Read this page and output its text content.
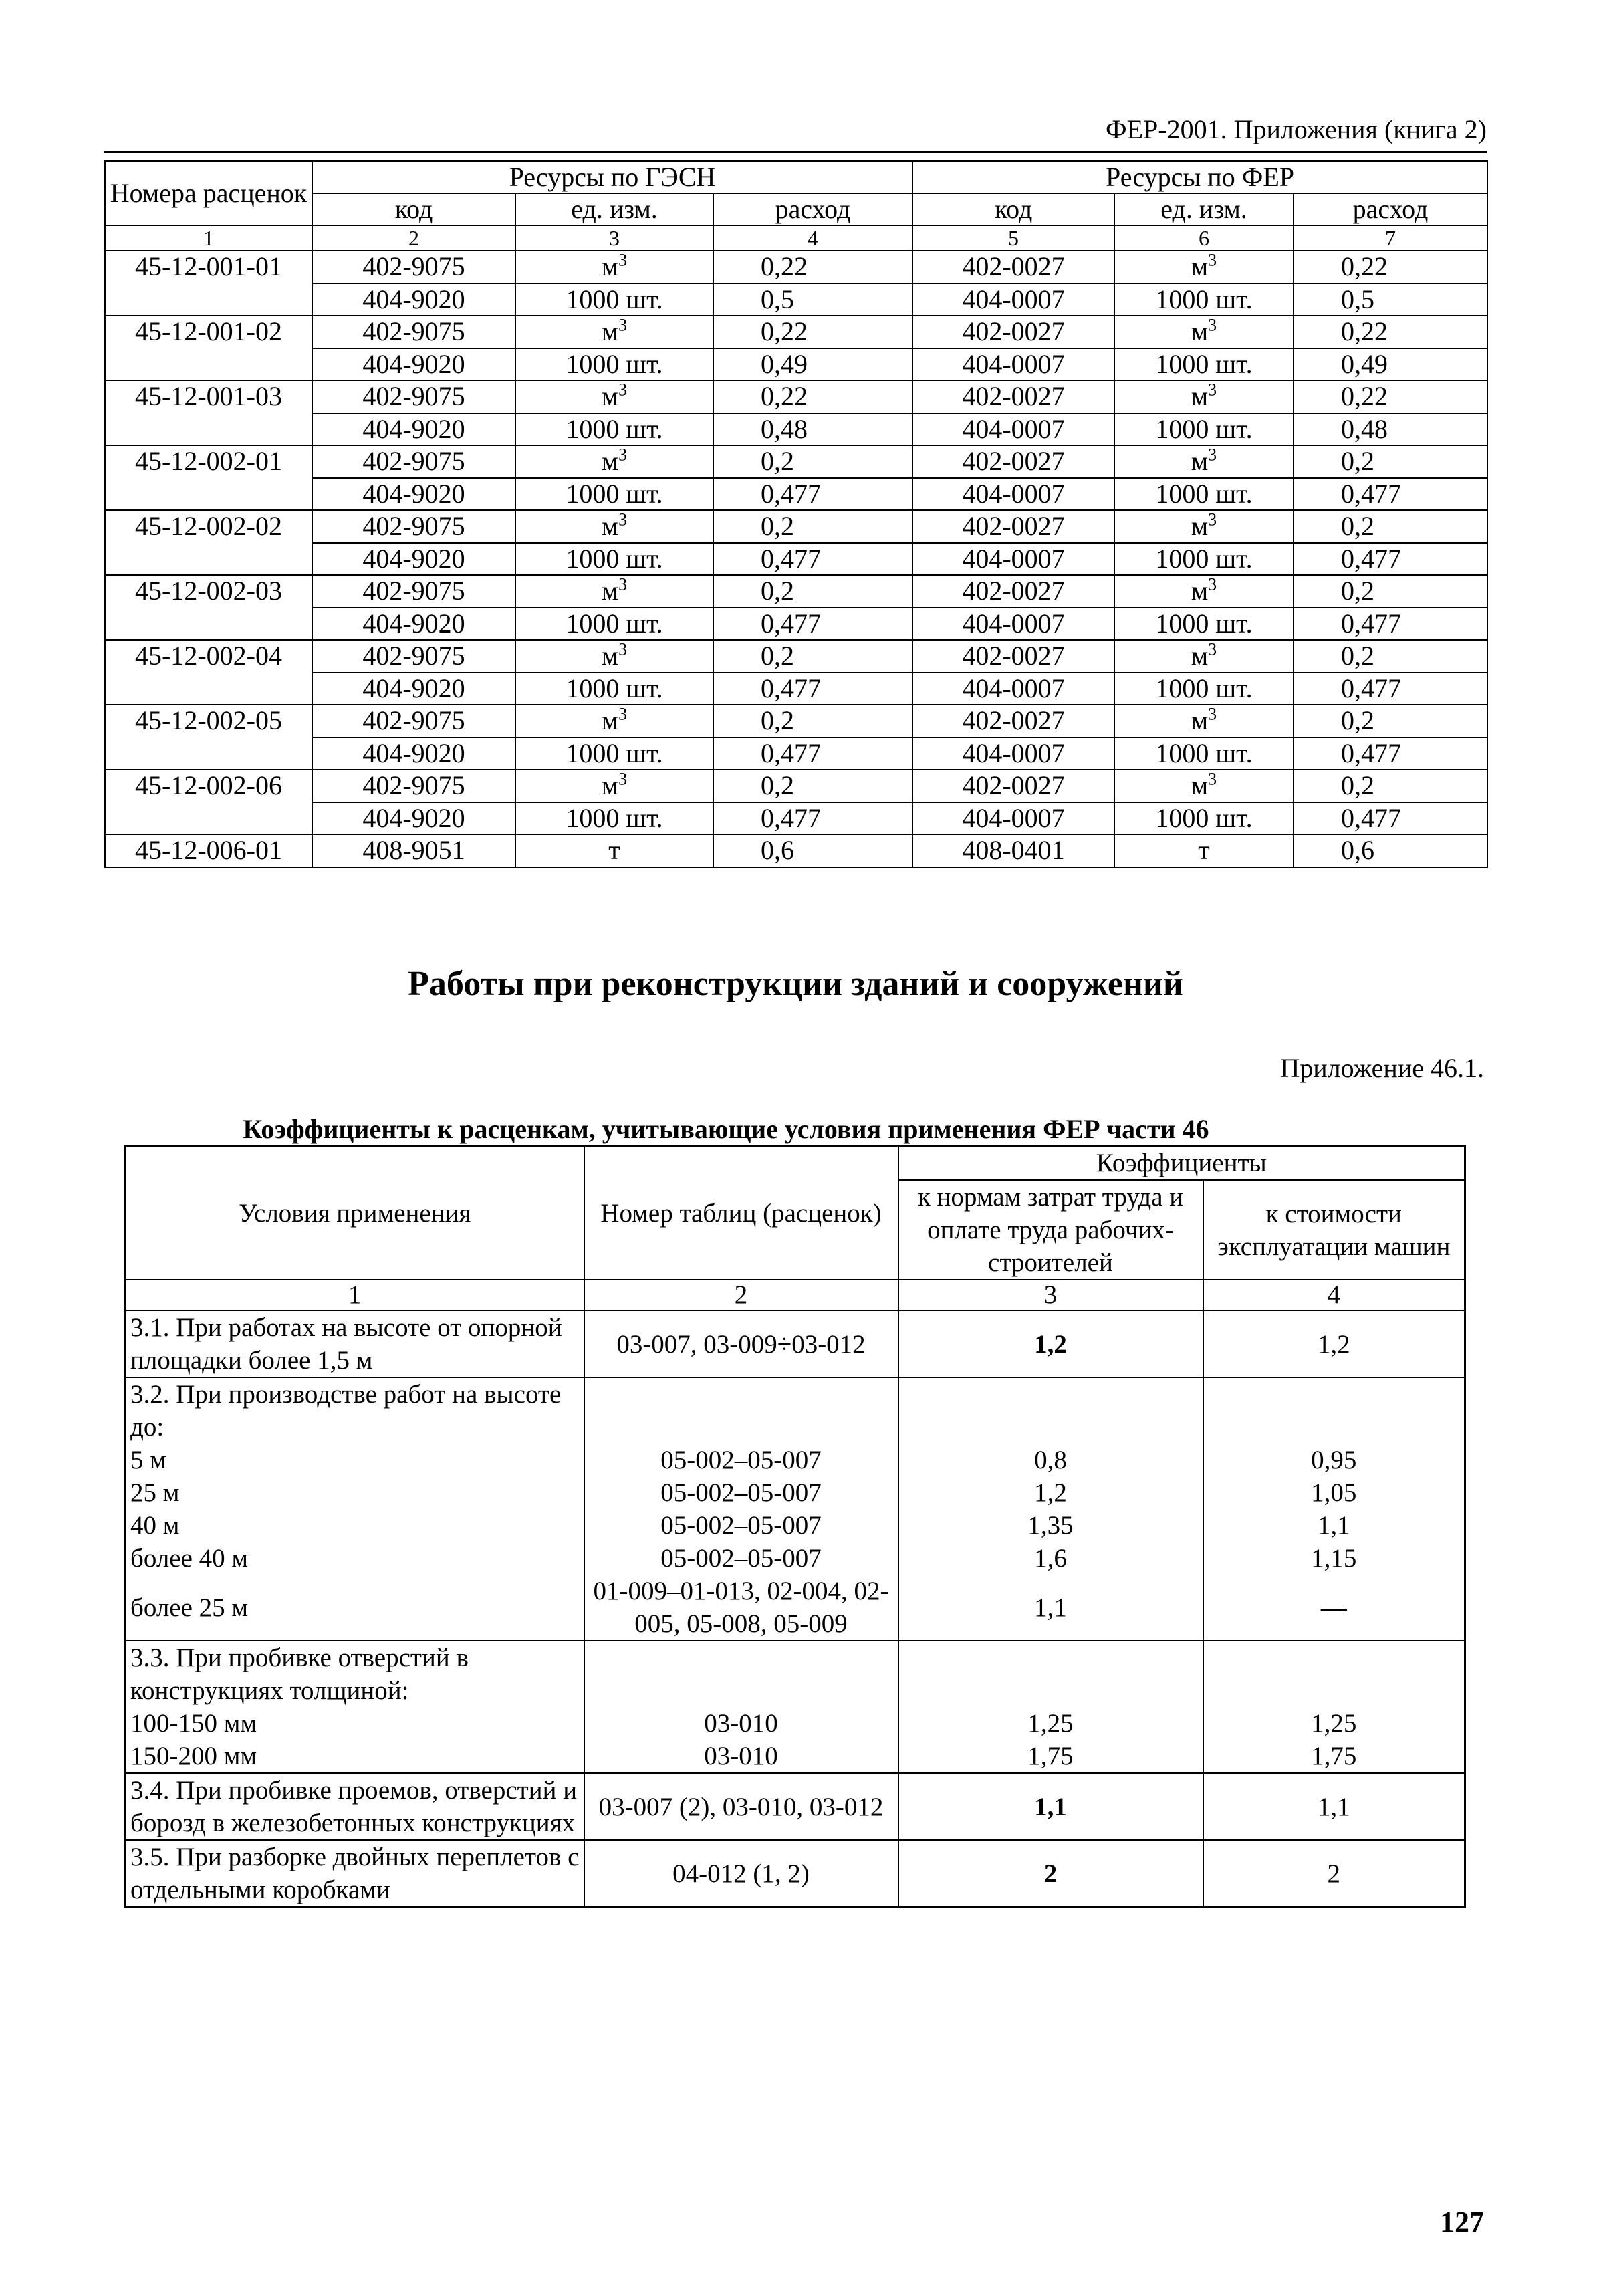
ФЕР-2001. Приложения (книга 2)
Номера расценок	Ресурсы по ГЭСН			Ресурсы по ФЕР		
	код	ед. изм.	расход	код	ед. изм.	расход
1	2	3	4	5	6	7
45-12-001-01	402-9075	$м^3$	0,22	402-0027	$м^3$	0,22
	404-9020	1000 шт.	0,5	404-0007	1000 шт.	0,5
45-12-001-02	402-9075	$м^3$	0,22	402-0027	$м^3$	0,22
	404-9020	1000 шт.	0,49	404-0007	1000 шт.	0,49
45-12-001-03	402-9075	$м^3$	0,22	402-0027	$м^3$	0,22
	404-9020	1000 шт.	0,48	404-0007	1000 шт.	0,48
45-12-002-01	402-9075	$м^3$	0,2	402-0027	$м^3$	0,2
	404-9020	1000 шт.	0,477	404-0007	1000 шт.	0,477
45-12-002-02	402-9075	$м^3$	0,2	402-0027	$м^3$	0,2
	404-9020	1000 шт.	0,477	404-0007	1000 шт.	0,477
45-12-002-03	402-9075	$м^3$	0,2	402-0027	$м^3$	0,2
	404-9020	1000 шт.	0,477	404-0007	1000 шт.	0,477
45-12-002-04	402-9075	$м^3$	0,2	402-0027	$м^3$	0,2
	404-9020	1000 шт.	0,477	404-0007	1000 шт.	0,477
45-12-002-05	402-9075	$м^3$	0,2	402-0027	$м^3$	0,2
	404-9020	1000 шт.	0,477	404-0007	1000 шт.	0,477
45-12-002-06	402-9075	$м^3$	0,2	402-0027	$м^3$	0,2
	404-9020	1000 шт.	0,477	404-0007	1000 шт.	0,477
45-12-006-01	408-9051	т	0,6	408-0401	т	0,6
Работы при реконструкции зданий и сооружений
Приложение 46.1.
Коэффициенты к расценкам, учитывающие условия применения ФЕР части 46
Условия применения	Номер таблиц (расценок)	Коэффициенты	
		к нормам затрат труда и оплате труда рабочих-строителей	к стоимости эксплуатации машин
1	2	3	4
3.1. При работах на высоте от опорной площадки более 1,5 м	03-007, 03-009÷03-012	1,2	1,2
3.2. При производстве работ на высоте до:			
5 м	05-002–05-007	0,8	0,95
25 м	05-002–05-007	1,2	1,05
40 м	05-002–05-007	1,35	1,1
более 40 м	05-002–05-007	1,6	1,15
более 25 м	01-009–01-013, 02-004, 02-005, 05-008, 05-009	1,1	—
3.3. При пробивке отверстий в конструкциях толщиной:			
100-150 мм	03-010	1,25	1,25
150-200 мм	03-010	1,75	1,75
3.4. При пробивке проемов, отверстий и борозд в железобетонных конструкциях	03-007 (2), 03-010, 03-012	1,1	1,1
3.5. При разборке двойных переплетов с отдельными коробками	04-012 (1, 2)	2	2
127
